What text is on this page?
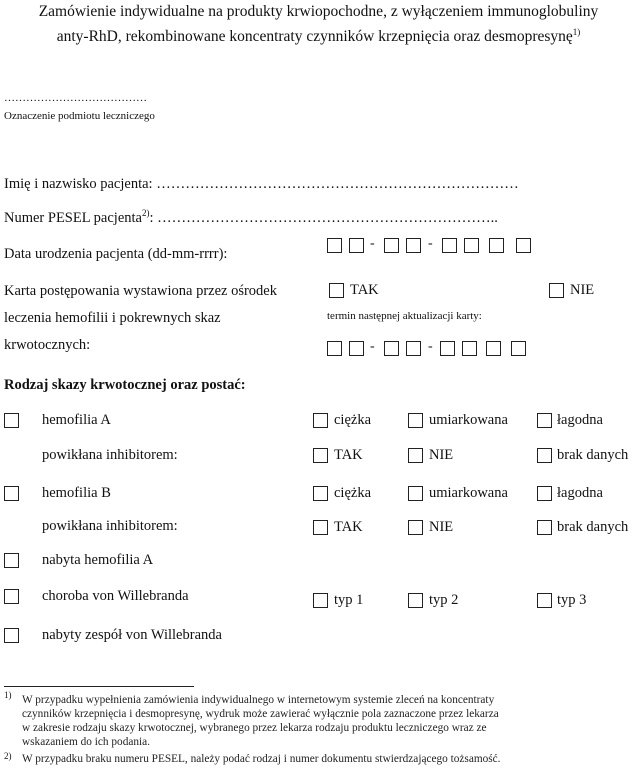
Zamówienie indywidualne na produkty krwiopochodne, z wyłączeniem immunoglobuliny
anty-RhD, rekombinowane koncentraty czynników krzepnięcia oraz desmopresynę$^{1)}$
…………………………………
Oznaczenie podmiotu leczniczego
Imię i nazwisko pacjenta: …………………………………………………………………
Numer PESEL pacjenta$^{2)}$: ……………………………………………………………..
Data urodzenia pacjenta (dd-mm-rrrr):
-	-
Karta postępowania wystawiona przez ośrodek
leczenia hemofilii i pokrewnych skaz
krwotocznych:
TAK	NIE
termin następnej aktualizacji karty:
-	-
Rodzaj skazy krwotocznej oraz postać:
hemofilia A	ciężka	umiarkowana	łagodna
powikłana inhibitorem:	TAK	NIE	brak danych
hemofilia B	ciężka	umiarkowana	łagodna
powikłana inhibitorem:	TAK	NIE	brak danych
nabyta hemofilia A
choroba von Willebranda	typ 1	typ 2	typ 3
nabyty zespół von Willebranda
1) W przypadku wypełnienia zamówienia indywidualnego w internetowym systemie zleceń na koncentraty
czynników krzepnięcia i desmopresynę, wydruk może zawierać wyłącznie pola zaznaczone przez lekarza
w zakresie rodzaju skazy krwotocznej, wybranego przez lekarza rodzaju produktu leczniczego wraz ze
wskazaniem do ich podania.
2) W przypadku braku numeru PESEL, należy podać rodzaj i numer dokumentu stwierdzającego tożsamość.
